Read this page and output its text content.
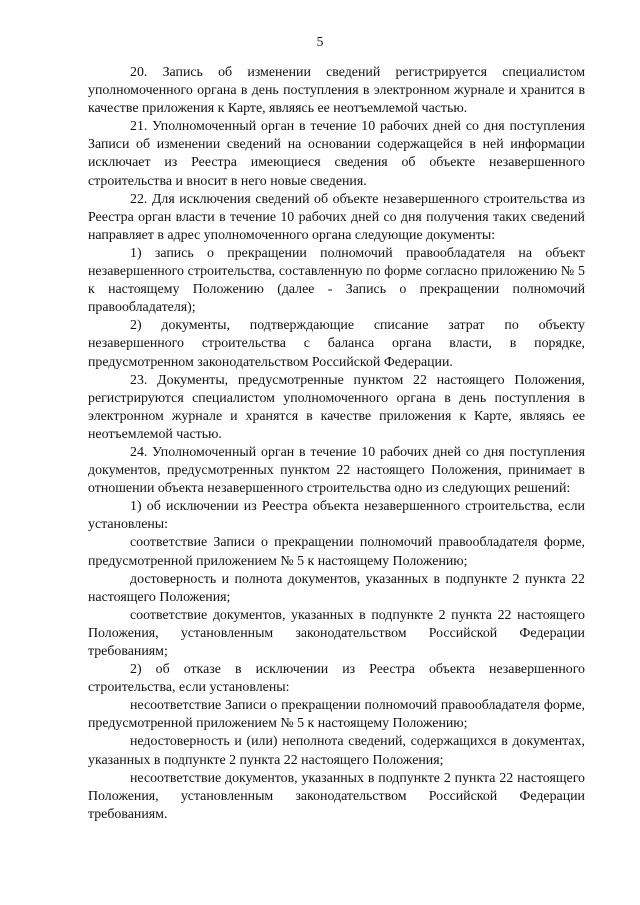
5

20. Запись об изменении сведений регистрируется специалистом уполномоченного органа в день поступления в электронном журнале и хранится в качестве приложения к Карте, являясь ее неотъемлемой частью.

21. Уполномоченный орган в течение 10 рабочих дней со дня поступления Записи об изменении сведений на основании содержащейся в ней информации исключает из Реестра имеющиеся сведения об объекте незавершенного строительства и вносит в него новые сведения.

22. Для исключения сведений об объекте незавершенного строительства из Реестра орган власти в течение 10 рабочих дней со дня получения таких сведений направляет в адрес уполномоченного органа следующие документы:

1) запись о прекращении полномочий правообладателя на объект незавершенного строительства, составленную по форме согласно приложению № 5 к настоящему Положению (далее - Запись о прекращении полномочий правообладателя);

2) документы, подтверждающие списание затрат по объекту незавершенного строительства с баланса органа власти, в порядке, предусмотренном законодательством Российской Федерации.

23. Документы, предусмотренные пунктом 22 настоящего Положения, регистрируются специалистом уполномоченного органа в день поступления в электронном журнале и хранятся в качестве приложения к Карте, являясь ее неотъемлемой частью.

24. Уполномоченный орган в течение 10 рабочих дней со дня поступления документов, предусмотренных пунктом 22 настоящего Положения, принимает в отношении объекта незавершенного строительства одно из следующих решений:

1) об исключении из Реестра объекта незавершенного строительства, если установлены:

соответствие Записи о прекращении полномочий правообладателя форме, предусмотренной приложением № 5 к настоящему Положению;

достоверность и полнота документов, указанных в подпункте 2 пункта 22 настоящего Положения;

соответствие документов, указанных в подпункте 2 пункта 22 настоящего Положения, установленным законодательством Российской Федерации требованиям;

2) об отказе в исключении из Реестра объекта незавершенного строительства, если установлены:

несоответствие Записи о прекращении полномочий правообладателя форме, предусмотренной приложением № 5 к настоящему Положению;

недостоверность и (или) неполнота сведений, содержащихся в документах, указанных в подпункте 2 пункта 22 настоящего Положения;

несоответствие документов, указанных в подпункте 2 пункта 22 настоящего Положения, установленным законодательством Российской Федерации требованиям.
